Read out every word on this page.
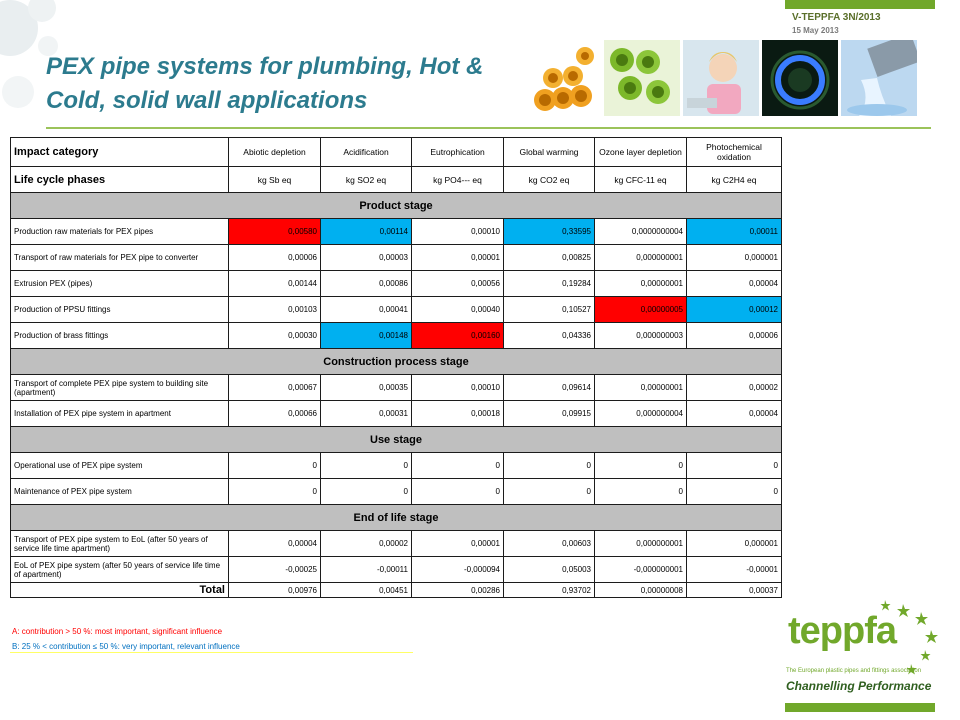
V-TEPPFA 3N/2013
15 May 2013
PEX pipe systems for plumbing, Hot & Cold, solid wall applications
Impact category	Abiotic depletion	Acidification	Eutrophication	Global warming	Ozone layer depletion	Photochemical oxidation
Life cycle phases	kg Sb eq	kg SO2 eq	kg PO4--- eq	kg CO2 eq	kg CFC-11 eq	kg C2H4 eq
Product stage						
Production raw materials for PEX pipes	0,00580	0,00114	0,00010	0,33595	0,0000000004	0,00011
Transport of raw materials for PEX pipe to converter	0,00006	0,00003	0,00001	0,00825	0,000000001	0,000001
Extrusion PEX (pipes)	0,00144	0,00086	0,00056	0,19284	0,00000001	0,00004
Production of PPSU fittings	0,00103	0,00041	0,00040	0,10527	0,00000005	0,00012
Production of brass fittings	0,00030	0,00148	0,00160	0,04336	0,000000003	0,00006
Construction process stage						
Transport of complete PEX pipe system to building site (apartment)	0,00067	0,00035	0,00010	0,09614	0,00000001	0,00002
Installation of PEX pipe system in apartment	0,00066	0,00031	0,00018	0,09915	0,000000004	0,00004
Use stage						
Operational use of PEX pipe system	0	0	0	0	0	0
Maintenance of PEX pipe system	0	0	0	0	0	0
End of life stage						
Transport of PEX pipe system to EoL (after 50 years of service life time apartment)	0,00004	0,00002	0,00001	0,00603	0,000000001	0,000001
EoL of PEX pipe system (after 50 years of service life time of apartment)	-0,00025	-0,00011	-0,000094	0,05003	-0,000000001	-0,00001
Total	0,00976	0,00451	0,00286	0,93702	0,00000008	0,00037
A: contribution > 50 %: most important, significant influence
B: 25 % < contribution ≤ 50 %: very important, relevant influence	teppfa
The European plastic pipes and fittings association
Channelling Performance
